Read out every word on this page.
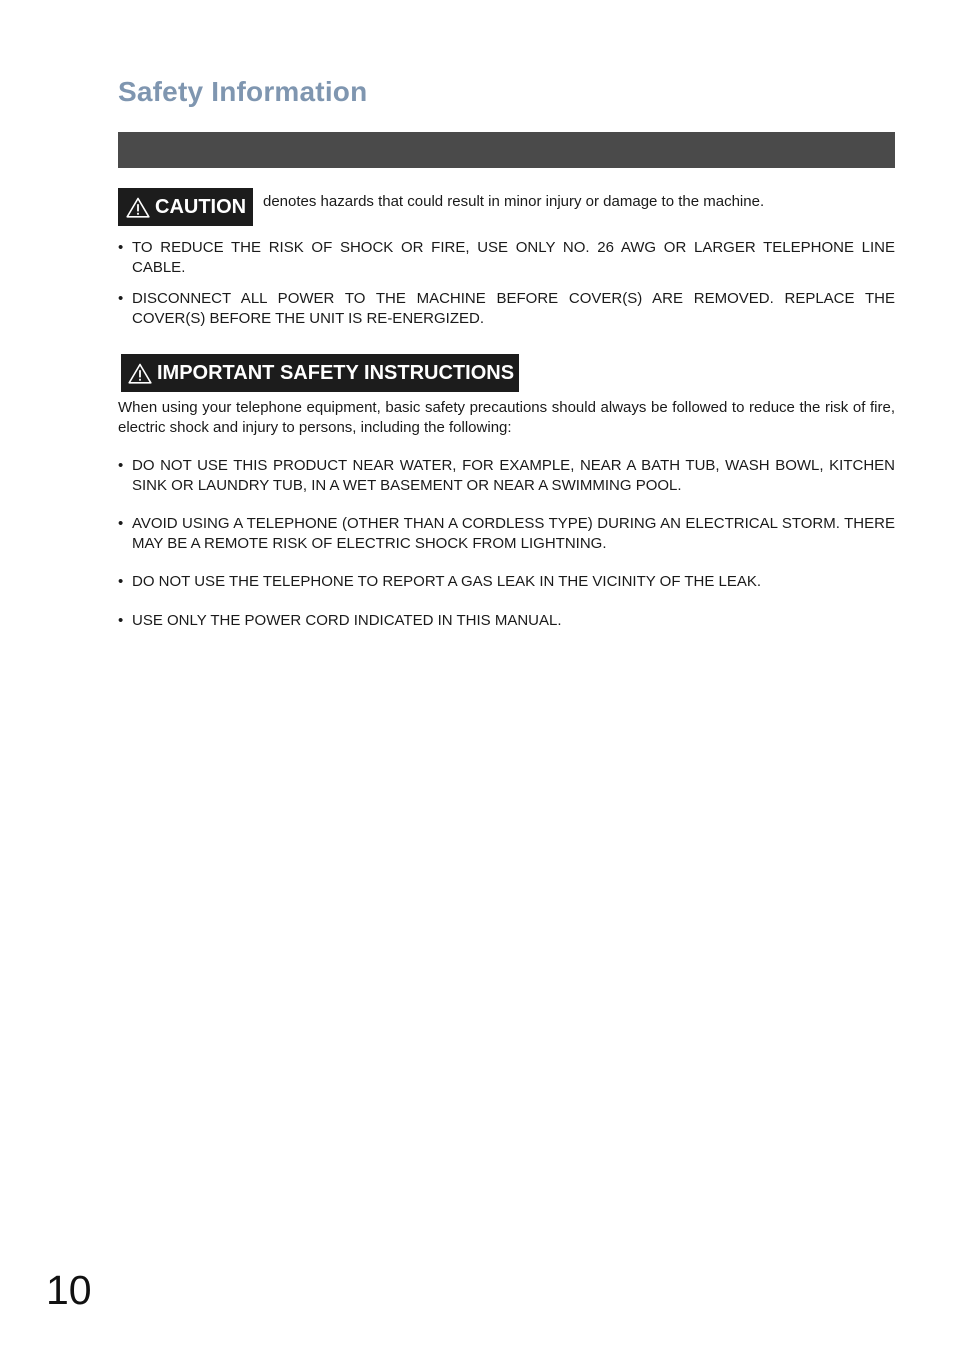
Safety Information
CAUTION denotes hazards that could result in minor injury or damage to the machine.
• TO REDUCE THE RISK OF SHOCK OR FIRE, USE ONLY NO. 26 AWG OR LARGER TELEPHONE LINE CABLE.
• DISCONNECT ALL POWER TO THE MACHINE BEFORE COVER(S) ARE REMOVED. REPLACE THE COVER(S) BEFORE THE UNIT IS RE-ENERGIZED.
IMPORTANT SAFETY INSTRUCTIONS

When using your telephone equipment, basic safety precautions should always be followed to reduce the risk of fire, electric shock and injury to persons, including the following:

• DO NOT USE THIS PRODUCT NEAR WATER, FOR EXAMPLE, NEAR A BATH TUB, WASH BOWL, KITCHEN SINK OR LAUNDRY TUB, IN A WET BASEMENT OR NEAR A SWIMMING POOL.
• AVOID USING A TELEPHONE (OTHER THAN A CORDLESS TYPE) DURING AN ELECTRICAL STORM. THERE MAY BE A REMOTE RISK OF ELECTRIC SHOCK FROM LIGHTNING.
• DO NOT USE THE TELEPHONE TO REPORT A GAS LEAK IN THE VICINITY OF THE LEAK.
• USE ONLY THE POWER CORD INDICATED IN THIS MANUAL.
10
